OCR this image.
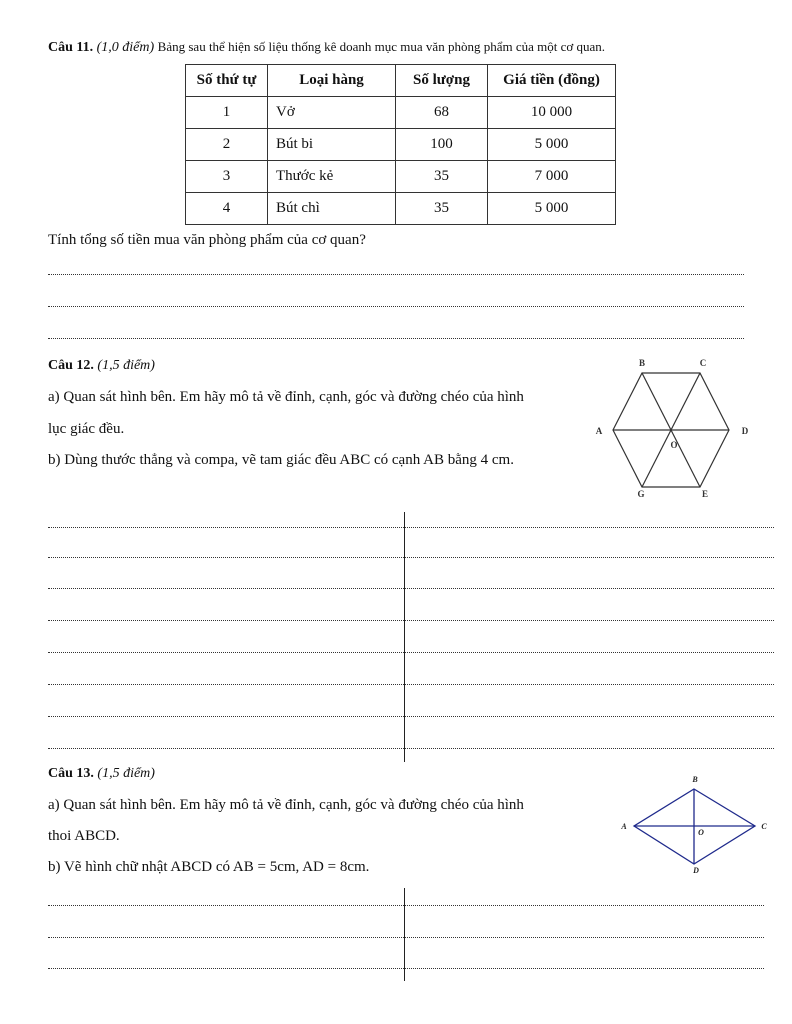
Câu 11. (1,0 điểm) Bảng sau thể hiện số liệu thống kê doanh mục mua văn phòng phẩm của một cơ quan.
Số thứ tự	Loại hàng	Số lượng	Giá tiền (đồng)
1	Vở	68	10 000
2	Bút bi	100	5 000
3	Thước kẻ	35	7 000
4	Bút chì	35	5 000
Tính tổng số tiền mua văn phòng phẩm của cơ quan?
Câu 12. (1,5 điểm)
a) Quan sát hình bên. Em hãy mô tả về đỉnh, cạnh, góc và đường chéo của hình
lục giác đều.
b) Dùng thước thẳng và compa, vẽ tam giác đều ABC có cạnh AB bằng 4 cm.
B	C
A	D
O
G	E
Câu 13. (1,5 điểm)
a) Quan sát hình bên. Em hãy mô tả về đỉnh, cạnh, góc và đường chéo của hình
thoi ABCD.
b) Vẽ hình chữ nhật ABCD có AB = 5cm, AD = 8cm.
B
A	C
O
D
